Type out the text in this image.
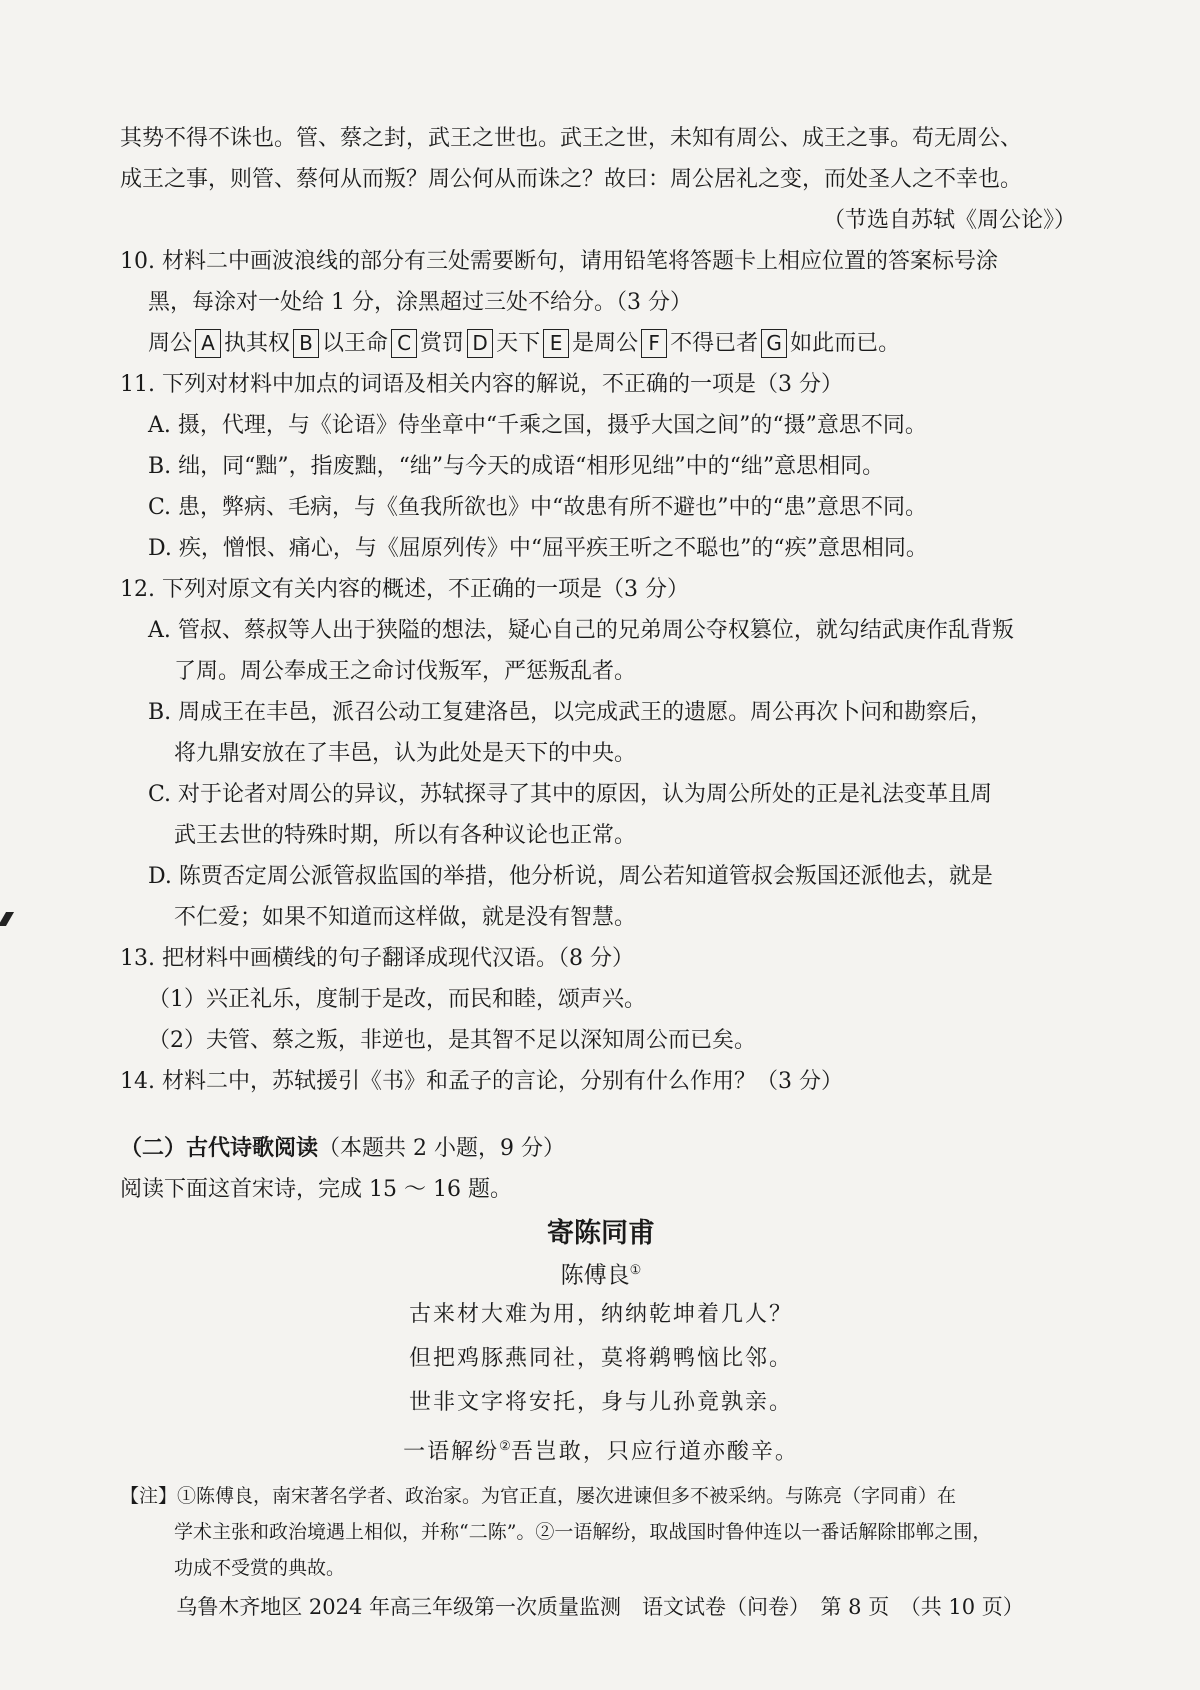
其势不得不诛也。管、蔡之封，武王之世也。武王之世，未知有周公、成王之事。苟无周公、
成王之事，则管、蔡何从而叛？周公何从而诛之？故曰：周公居礼之变，而处圣人之不幸也。
（节选自苏轼《周公论》）
10. 材料二中画波浪线的部分有三处需要断句，请用铅笔将答题卡上相应位置的答案标号涂
黑，每涂对一处给 1 分，涂黑超过三处不给分。（3 分）
周公 A 执其权 B 以王命 C 赏罚 D 天下 E 是周公 F 不得已者 G 如此而已。
11. 下列对材料中加点的词语及相关内容的解说，不正确的一项是（3 分）
A. 摄，代理，与《论语》侍坐章中“千乘之国，摄乎大国之间”的“摄”意思不同。
B. 绌，同“黜”，指废黜，“绌”与今天的成语“相形见绌”中的“绌”意思相同。
C. 患，弊病、毛病，与《鱼我所欲也》中“故患有所不避也”中的“患”意思不同。
D. 疾，憎恨、痛心，与《屈原列传》中“屈平疾王听之不聪也”的“疾”意思相同。
12. 下列对原文有关内容的概述，不正确的一项是（3 分）
A. 管叔、蔡叔等人出于狭隘的想法，疑心自己的兄弟周公夺权篡位，就勾结武庚作乱背叛
了周。周公奉成王之命讨伐叛军，严惩叛乱者。
B. 周成王在丰邑，派召公动工复建洛邑，以完成武王的遗愿。周公再次卜问和勘察后，
将九鼎安放在了丰邑，认为此处是天下的中央。
C. 对于论者对周公的异议，苏轼探寻了其中的原因，认为周公所处的正是礼法变革且周
武王去世的特殊时期，所以有各种议论也正常。
D. 陈贾否定周公派管叔监国的举措，他分析说，周公若知道管叔会叛国还派他去，就是
不仁爱；如果不知道而这样做，就是没有智慧。
13. 把材料中画横线的句子翻译成现代汉语。（8 分）
（1）兴正礼乐，度制于是改，而民和睦，颂声兴。
（2）夫管、蔡之叛，非逆也，是其智不足以深知周公而已矣。
14. 材料二中，苏轼援引《书》和孟子的言论，分别有什么作用？（3 分）
（二）古代诗歌阅读（本题共 2 小题，9 分）
阅读下面这首宋诗，完成 15 ～ 16 题。
寄陈同甫
陈傅良①
古来材大难为用，纳纳乾坤着几人？
但把鸡豚燕同社，莫将鹈鸭恼比邻。
世非文字将安托，身与儿孙竟孰亲。
一语解纷②吾岂敢，只应行道亦酸辛。
【注】①陈傅良，南宋著名学者、政治家。为官正直，屡次进谏但多不被采纳。与陈亮（字同甫）在
学术主张和政治境遇上相似，并称“二陈”。②一语解纷，取战国时鲁仲连以一番话解除邯郸之围，
功成不受赏的典故。
乌鲁木齐地区 2024 年高三年级第一次质量监测　语文试卷（问卷）　第 8 页　（共 10 页）
